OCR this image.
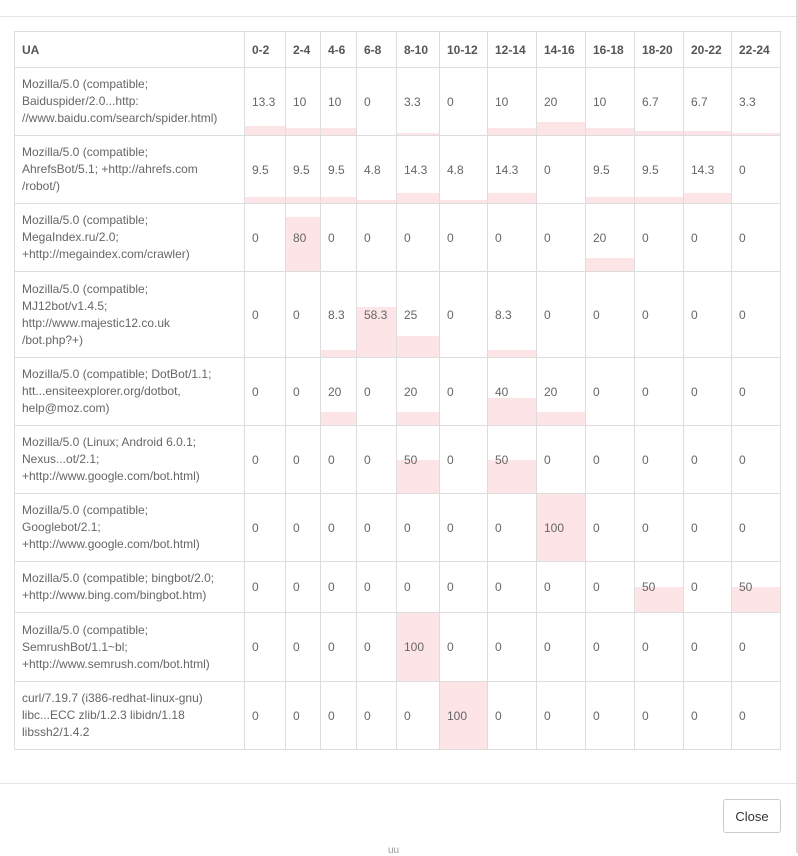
UA	0-2	2-4	4-6	6-8	8-10	10-12	12-14	14-16	16-18	18-20	20-22	22-24

Mozilla/5.0 (compatible;
Baiduspider/2.0...http:
//www.baidu.com/search/spider.html)	13.3	10	10	0	3.3	0	10	20	10	6.7	6.7	3.3

Mozilla/5.0 (compatible;
AhrefsBot/5.1; +http://ahrefs.com
/robot/)	9.5	9.5	9.5	4.8	14.3	4.8	14.3	0	9.5	9.5	14.3	0

Mozilla/5.0 (compatible;
MegaIndex.ru/2.0;
+http://megaindex.com/crawler)	0	80	0	0	0	0	0	0	20	0	0	0

Mozilla/5.0 (compatible;
MJ12bot/v1.4.5;
http://www.majestic12.co.uk
/bot.php?+)	0	0	8.3	58.3	25	0	8.3	0	0	0	0	0

Mozilla/5.0 (compatible; DotBot/1.1;
htt...ensiteexplorer.org/dotbot,
help@moz.com)	0	0	20	0	20	0	40	20	0	0	0	0

Mozilla/5.0 (Linux; Android 6.0.1;
Nexus...ot/2.1;
+http://www.google.com/bot.html)	0	0	0	0	50	0	50	0	0	0	0	0

Mozilla/5.0 (compatible;
Googlebot/2.1;
+http://www.google.com/bot.html)	0	0	0	0	0	0	0	100	0	0	0	0

Mozilla/5.0 (compatible; bingbot/2.0;
+http://www.bing.com/bingbot.htm)	0	0	0	0	0	0	0	0	0	50	0	50

Mozilla/5.0 (compatible;
SemrushBot/1.1~bl;
+http://www.semrush.com/bot.html)	0	0	0	0	100	0	0	0	0	0	0	0

curl/7.19.7 (i386-redhat-linux-gnu)
libc...ECC zlib/1.2.3 libidn/1.18
libssh2/1.4.2	0	0	0	0	0	100	0	0	0	0	0	0
Close
uu
